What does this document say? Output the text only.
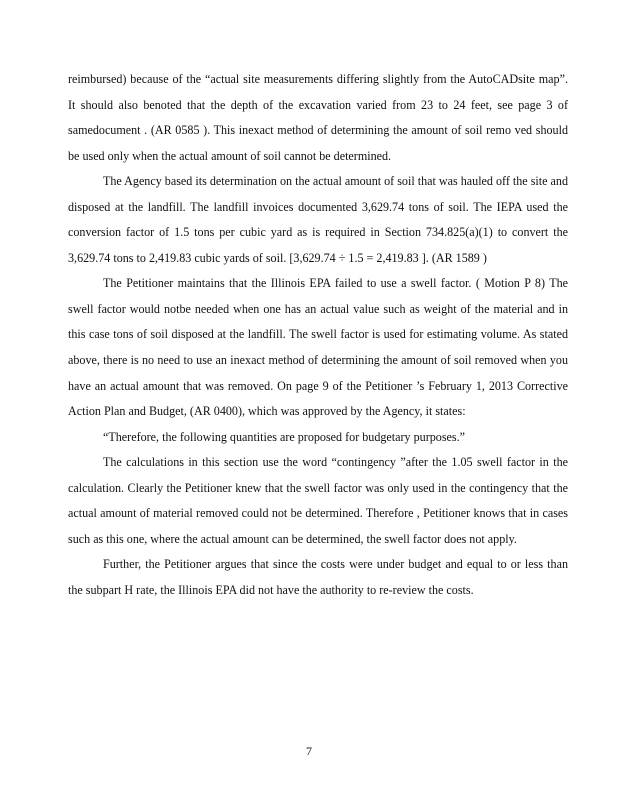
reimbursed) because of the “actual site measurements differing slightly from the AutoCADsite map”. It should also benoted that the depth of the excavation varied from 23 to 24 feet, see page 3 of samedocument . (AR 0585 ). This inexact method of determining the amount of soil remo ved should be used only when the actual amount of soil cannot be determined.

The Agency based its determination on the actual amount of soil that was hauled off the site and disposed at the landfill. The landfill invoices documented 3,629.74 tons of soil. The IEPA used the conversion factor of 1.5 tons per cubic yard as is required in Section 734.825(a)(1) to convert the 3,629.74 tons to 2,419.83 cubic yards of soil. [3,629.74 ÷ 1.5 = 2,419.83 ]. (AR 1589 )

The Petitioner maintains that the Illinois EPA failed to use a swell factor. ( Motion P 8) The swell factor would notbe needed when one has an actual value such as weight of the material and in this case tons of soil disposed at the landfill. The swell factor is used for estimating volume. As stated above, there is no need to use an inexact method of determining the amount of soil removed when you have an actual amount that was removed. On page 9 of the Petitioner ’s February 1, 2013 Corrective Action Plan and Budget, (AR 0400), which was approved by the Agency, it states:

“Therefore, the following quantities are proposed for budgetary purposes.”

The calculations in this section use the word “contingency ”after the 1.05 swell factor in the calculation. Clearly the Petitioner knew that the swell factor was only used in the contingency that the actual amount of material removed could not be determined. Therefore , Petitioner knows that in cases such as this one, where the actual amount can be determined, the swell factor does not apply.

Further, the Petitioner argues that since the costs were under budget and equal to or less than the subpart H rate, the Illinois EPA did not have the authority to re-review the costs.

7
